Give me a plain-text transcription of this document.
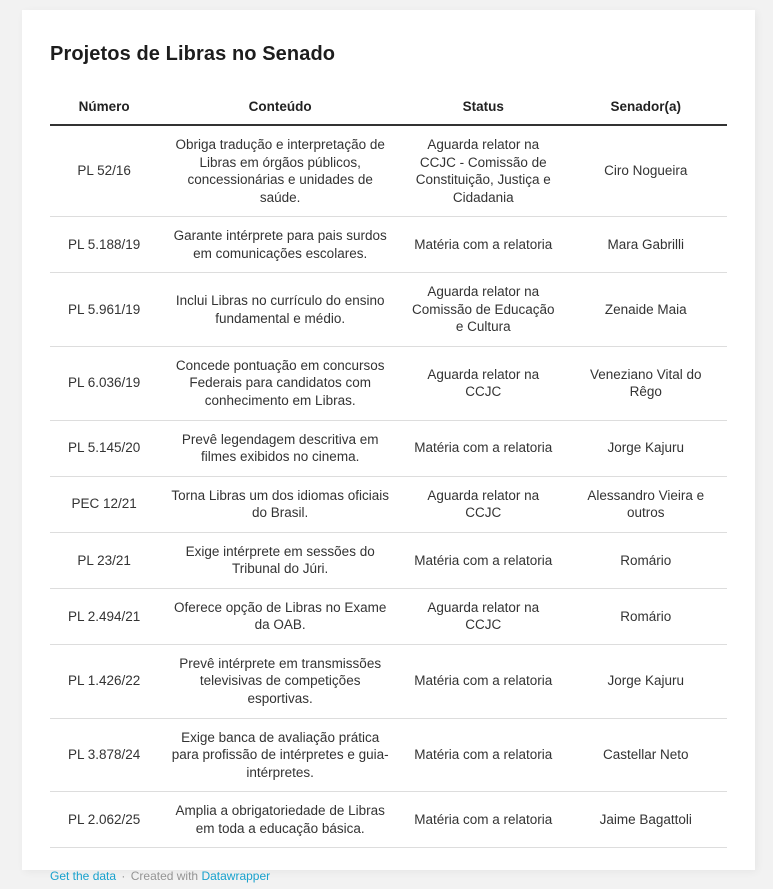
Projetos de Libras no Senado
Número	Conteúdo	Status	Senador(a)
PL 52/16	Obriga tradução e interpretação de Libras em órgãos públicos, concessionárias e unidades de saúde.	Aguarda relator na CCJC - Comissão de Constituição, Justiça e Cidadania	Ciro Nogueira
PL 5.188/19	Garante intérprete para pais surdos em comunicações escolares.	Matéria com a relatoria	Mara Gabrilli
PL 5.961/19	Inclui Libras no currículo do ensino fundamental e médio.	Aguarda relator na Comissão de Educação e Cultura	Zenaide Maia
PL 6.036/19	Concede pontuação em concursos Federais para candidatos com conhecimento em Libras.	Aguarda relator na CCJC	Veneziano Vital do Rêgo
PL 5.145/20	Prevê legendagem descritiva em filmes exibidos no cinema.	Matéria com a relatoria	Jorge Kajuru
PEC 12/21	Torna Libras um dos idiomas oficiais do Brasil.	Aguarda relator na CCJC	Alessandro Vieira e outros
PL 23/21	Exige intérprete em sessões do Tribunal do Júri.	Matéria com a relatoria	Romário
PL 2.494/21	Oferece opção de Libras no Exame da OAB.	Aguarda relator na CCJC	Romário
PL 1.426/22	Prevê intérprete em transmissões televisivas de competições esportivas.	Matéria com a relatoria	Jorge Kajuru
PL 3.878/24	Exige banca de avaliação prática para profissão de intérpretes e guia-intérpretes.	Matéria com a relatoria	Castellar Neto
PL 2.062/25	Amplia a obrigatoriedade de Libras em toda a educação básica.	Matéria com a relatoria	Jaime Bagattoli
Get the data · Created with Datawrapper
